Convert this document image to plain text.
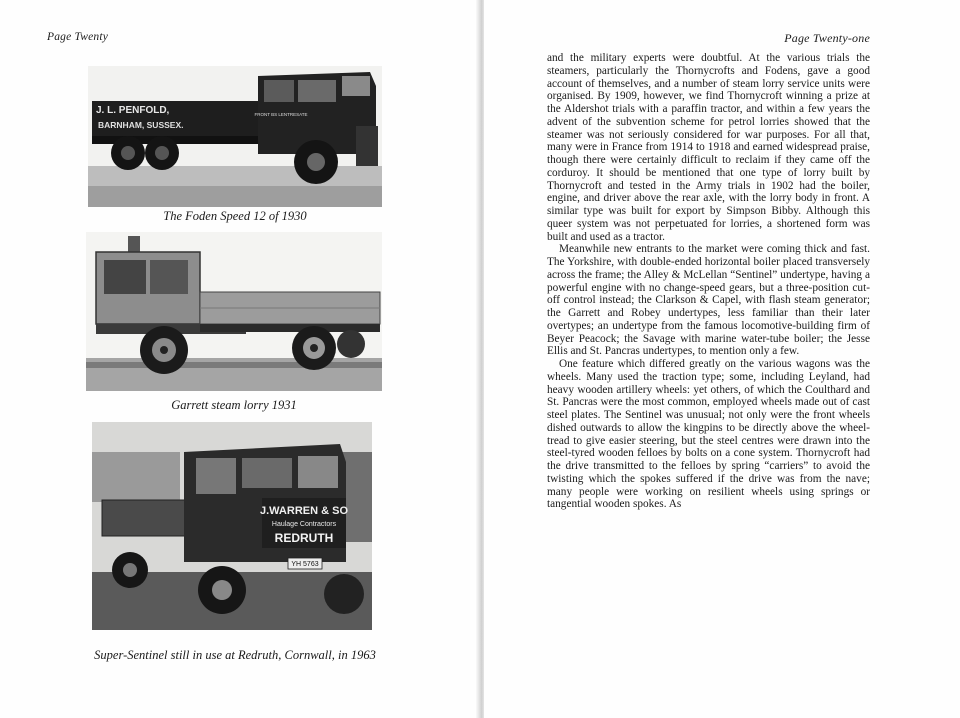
Page Twenty
FRONT BS LENTRESATE
J. L. PENFOLD,
BARNHAM, SUSSEX.
The Foden Speed 12 of 1930
Garrett steam lorry 1931
J.WARREN & SO
Haulage Contractors
REDRUTH
YH 5763
Super-Sentinel still in use at Redruth, Cornwall, in 1963
Page Twenty-one

and the military experts were doubtful. At the various trials the steamers, particularly the Thornycrofts and Fodens, gave a good account of themselves, and a number of steam lorry service units were organised. By 1909, however, we find Thornycroft winning a prize at the Aldershot trials with a paraffin tractor, and within a few years the advent of the subvention scheme for petrol lorries showed that the steamer was not seriously considered for war purposes. For all that, many were in France from 1914 to 1918 and earned widespread praise, though there were certainly difficult to reclaim if they came off the corduroy. It should be mentioned that one type of lorry built by Thornycroft and tested in the Army trials in 1902 had the boiler, engine, and driver above the rear axle, with the lorry body in front. A similar type was built for export by Simpson Bibby. Although this queer system was not perpetuated for lorries, a shortened form was built and used as a tractor.

Meanwhile new entrants to the market were coming thick and fast. The Yorkshire, with double-ended horizontal boiler placed transversely across the frame; the Alley & McLellan “Sentinel” undertype, having a powerful engine with no change-speed gears, but a three-position cut-off control instead; the Clarkson & Capel, with flash steam generator; the Garrett and Robey undertypes, less familiar than their later overtypes; an undertype from the famous locomotive-building firm of Beyer Peacock; the Savage with marine water-tube boiler; the Jesse Ellis and St. Pancras undertypes, to mention only a few.

One feature which differed greatly on the various wagons was the wheels. Many used the traction type; some, including Leyland, had heavy wooden artillery wheels: yet others, of which the Coulthard and St. Pancras were the most common, employed wheels made out of cast steel plates. The Sentinel was unusual; not only were the front wheels dished outwards to allow the kingpins to be directly above the wheel-tread to give easier steering, but the steel centres were drawn into the steel-tyred wooden felloes by bolts on a cone system. Thornycroft had the drive transmitted to the felloes by spring “carriers” to avoid the twisting which the spokes suffered if the drive was from the nave; many people were working on resilient wheels using springs or tangential wooden spokes. As
